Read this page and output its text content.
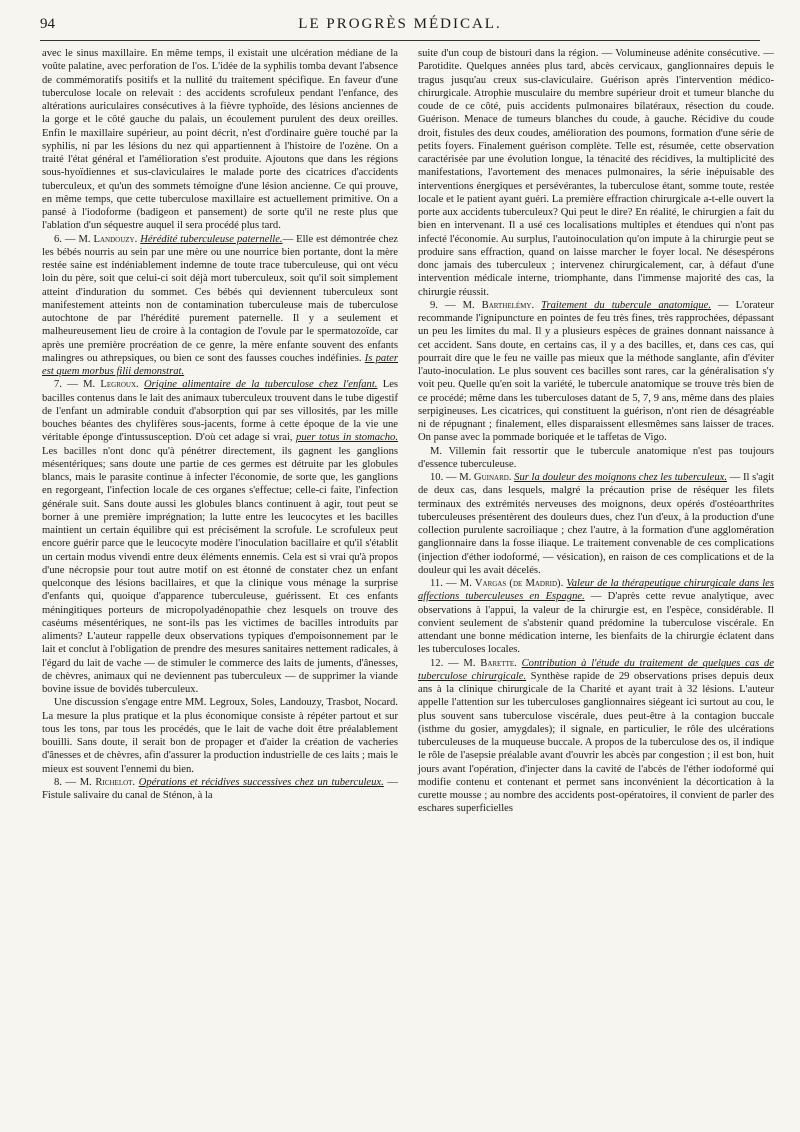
94	LE PROGRÈS MÉDICAL.

avec le sinus maxillaire. En même temps, il existait une ulcération médiane de la voûte palatine, avec perforation de l'os. L'idée de la syphilis tomba devant l'absence de commémoratifs positifs et la nullité du traitement spécifique. En faveur d'une tuberculose locale on relevait : des accidents scrofuleux pendant l'enfance, des altérations auriculaires consécutives à la fièvre typhoïde, des lésions anciennes de la gorge et le côté gauche du palais, un écoulement purulent des deux oreilles. Enfin le maxillaire supérieur, au point décrit, n'est d'ordinaire guère touché par la syphilis, ni par les lésions du nez qui appartiennent à l'histoire de l'ozène. On a traité l'état général et l'amélioration s'est produite. Ajoutons que dans les régions sous-hyoïdiennes et sus-claviculaires le malade porte des cicatrices d'accidents tuberculeux, et qu'un des sommets témoigne d'une lésion ancienne. Ce qui prouve, en même temps, que cette tuberculose maxillaire est actuellement primitive. On a pansé à l'iodoforme (badigeon et pansement) de sorte qu'il ne reste plus que l'ablation d'un séquestre auquel il sera procédé plus tard.

6. — M. Landouzy. Hérédité tuberculeuse paternelle.— Elle est démontrée chez les bébés nourris au sein par une mère ou une nourrice bien portante, dont la mère restée saine est indéniablement indemne de toute trace tuberculeuse, qui ont vécu loin du père, soit que celui-ci soit déjà mort tuberculeux, soit qu'il soit simplement atteint d'induration du sommet. Ces bébés qui deviennent tuberculeux sont manifestement atteints non de contamination tuberculeuse mais de tuberculose autochtone de par l'hérédité purement paternelle. Il y a seulement et malheureusement lieu de croire à la contagion de l'ovule par le spermatozoïde, car après une première procréation de ce genre, la mère enfante souvent des enfants malingres ou athrepsiques, ou bien ce sont des fausses couches indéfinies. Is pater est quem morbus filii demonstrat.

7. — M. Legroux. Origine alimentaire de la tuberculose chez l'enfant. Les bacilles contenus dans le lait des animaux tuberculeux trouvent dans le tube digestif de l'enfant un admirable conduit d'absorption qui par ses villosités, par les mille bouches béantes des chylifères sous-jacents, forme à cette époque de la vie une véritable éponge d'intussusception. D'où cet adage si vrai, puer totus in stomacho. Les bacilles n'ont donc qu'à pénétrer directement, ils gagnent les ganglions mésentériques; sans doute une partie de ces germes est détruite par les globules blancs, mais le parasite continue à infecter l'économie, de sorte que, les ganglions en regorgeant, l'infection locale de ces organes s'effectue; celle-ci faite, l'infection générale suit. Sans doute aussi les globules blancs continuent à agir, tout peut se borner à une première imprégnation; la lutte entre les leucocytes et les bacilles maintient un certain équilibre qui est précisément la scrofule. Le scrofuleux peut encore guérir parce que le leucocyte modère l'inoculation bacillaire et qu'il s'établit un certain modus vivendi entre deux éléments ennemis. Cela est si vrai qu'à propos d'une nécropsie pour tout autre motif on est étonné de constater chez un enfant quelconque des lésions bacillaires, et que la clinique vous ménage la surprise d'enfants qui, quoique d'apparence tuberculeuse, guérissent. Et ces enfants méningitiques porteurs de micropolyadénopathie chez lesquels on trouve des caséums mésentériques, ne sont-ils pas les victimes de bacilles introduits par aliments? L'auteur rappelle deux observations typiques d'empoisonnement par le lait et conclut à l'obligation de prendre des mesures sanitaires nettement radicales, à l'égard du lait de vache — de stimuler le commerce des laits de juments, d'ânesses, de chèvres, animaux qui ne deviennent pas tuberculeux — de supprimer la viande bovine issue de bovidés tuberculeux.

Une discussion s'engage entre MM. Legroux, Soles, Landouzy, Trasbot, Nocard. La mesure la plus pratique et la plus économique consiste à répéter partout et sur tous les tons, par tous les procédés, que le lait de vache doit être préalablement bouilli. Sans doute, il serait bon de propager et d'aider la création de vacheries d'ânesses et de chèvres, afin d'assurer la production industrielle de ces laits ; mais le mieux est souvent l'ennemi du bien.

8. — M. Richelot. Opérations et récidives successives chez un tuberculeux. — Fistule salivaire du canal de Sténon, à la

suite d'un coup de bistouri dans la région. — Volumineuse adénite consécutive. — Parotidite. Quelques années plus tard, abcès cervicaux, ganglionnaires depuis le tragus jusqu'au creux sus-claviculaire. Guérison après l'intervention médico-chirurgicale. Atrophie musculaire du membre supérieur droit et tumeur blanche du coude de ce côté, puis accidents pulmonaires bilatéraux, résection du coude. Guérison. Menace de tumeurs blanches du coude, à gauche. Récidive du coude droit, fistules des deux coudes, amélioration des poumons, formation d'une série de petits foyers. Finalement guérison complète. Telle est, résumée, cette observation caractérisée par une évolution longue, la ténacité des récidives, la multiplicité des manifestations, l'avortement des menaces pulmonaires, la série inépuisable des interventions énergiques et persévérantes, la tuberculose étant, somme toute, restée locale et le patient ayant guéri. La première effraction chirurgicale a-t-elle ouvert la porte aux accidents tuberculeux? Qui peut le dire? En réalité, le chirurgien a fait du bien en intervenant. Il a usé ces localisations multiples et étendues qui n'ont pas infecté l'économie. Au surplus, l'autoinoculation qu'on impute à la chirurgie peut se produire sans effraction, quand on laisse marcher le foyer local. Ne désespérons donc jamais des tuberculeux ; intervenez chirurgicalement, car, à défaut d'une intervention médicale interne, triomphante, dans l'immense majorité des cas, la chirurgie réussit.

9. — M. Barthelémy. Traitement du tubercule anatomique. — L'orateur recommande l'ignipuncture en pointes de feu très fines, très rapprochées, dépassant un peu les limites du mal. Il y a plusieurs espèces de graines donnant naissance à cet accident. Sans doute, en certains cas, il y a des bacilles, et, dans ces cas, qui pourrait dire que le feu ne vaille pas mieux que la méthode sanglante, afin d'éviter l'auto-inoculation. Le plus souvent ces bacilles sont rares, car la généralisation s'y voit peu. Quelle qu'en soit la variété, le tubercule anatomique se trouve très bien de ce procédé; même dans les tuberculoses datant de 5, 7, 9 ans, même dans des plaies serpigineuses. Les cicatrices, qui constituent la guérison, n'ont rien de désagréable ni de répugnant ; finalement, elles disparaissent ellesmêmes sans laisser de traces. On panse avec la pommade boriquée et le taffetas de Vigo.

M. Villemin fait ressortir que le tubercule anatomique n'est pas toujours d'essence tuberculeuse.

10. — M. Guinard. Sur la douleur des moignons chez les tuberculeux. — Il s'agit de deux cas, dans lesquels, malgré la précaution prise de réséquer les filets terminaux des extrémités nerveuses des moignons, deux opérés d'ostéoarthrites tuberculeuses présentèrent des douleurs dues, chez l'un d'eux, à la production d'une collection purulente sacroiliaque ; chez l'autre, à la formation d'une agglomération ganglionnaire dans la fosse iliaque. Le traitement convenable de ces complications (injection d'éther iodoformé, — vésication), en raison de ces complications et de la douleur qui les avait décelés.

11. — M. Vargas (de Madrid). Valeur de la thérapeutique chirurgicale dans les affections tuberculeuses en Espagne. — D'après cette revue analytique, avec observations à l'appui, la valeur de la chirurgie est, en l'espèce, considérable. Il convient seulement de s'abstenir quand prédomine la tuberculose viscérale. En attendant une bonne médication interne, les bienfaits de la chirurgie éclatent dans les tuberculoses locales.

12. — M. Barette. Contribution à l'étude du traitement de quelques cas de tuberculose chirurgicale. Synthèse rapide de 29 observations prises depuis deux ans à la clinique chirurgicale de la Charité et ayant trait à 32 lésions. L'auteur appelle l'attention sur les tuberculoses ganglionnaires siégeant ici surtout au cou, le plus souvent sans tuberculose viscérale, dues peut-être à la contagion buccale (isthme du gosier, amygdales); il signale, en particulier, le rôle des ulcérations tuberculeuses de la muqueuse buccale. A propos de la tuberculose des os, il indique le rôle de l'asepsie préalable avant d'ouvrir les abcès par congestion ; il est bon, huit jours avant l'opération, d'injecter dans la cavité de l'abcès de l'éther iodoformé qui modifie contenu et contenant et permet sans inconvénient la décortication à la curette mousse ; au nombre des accidents post-opératoires, il convient de parler des eschares superficielles
